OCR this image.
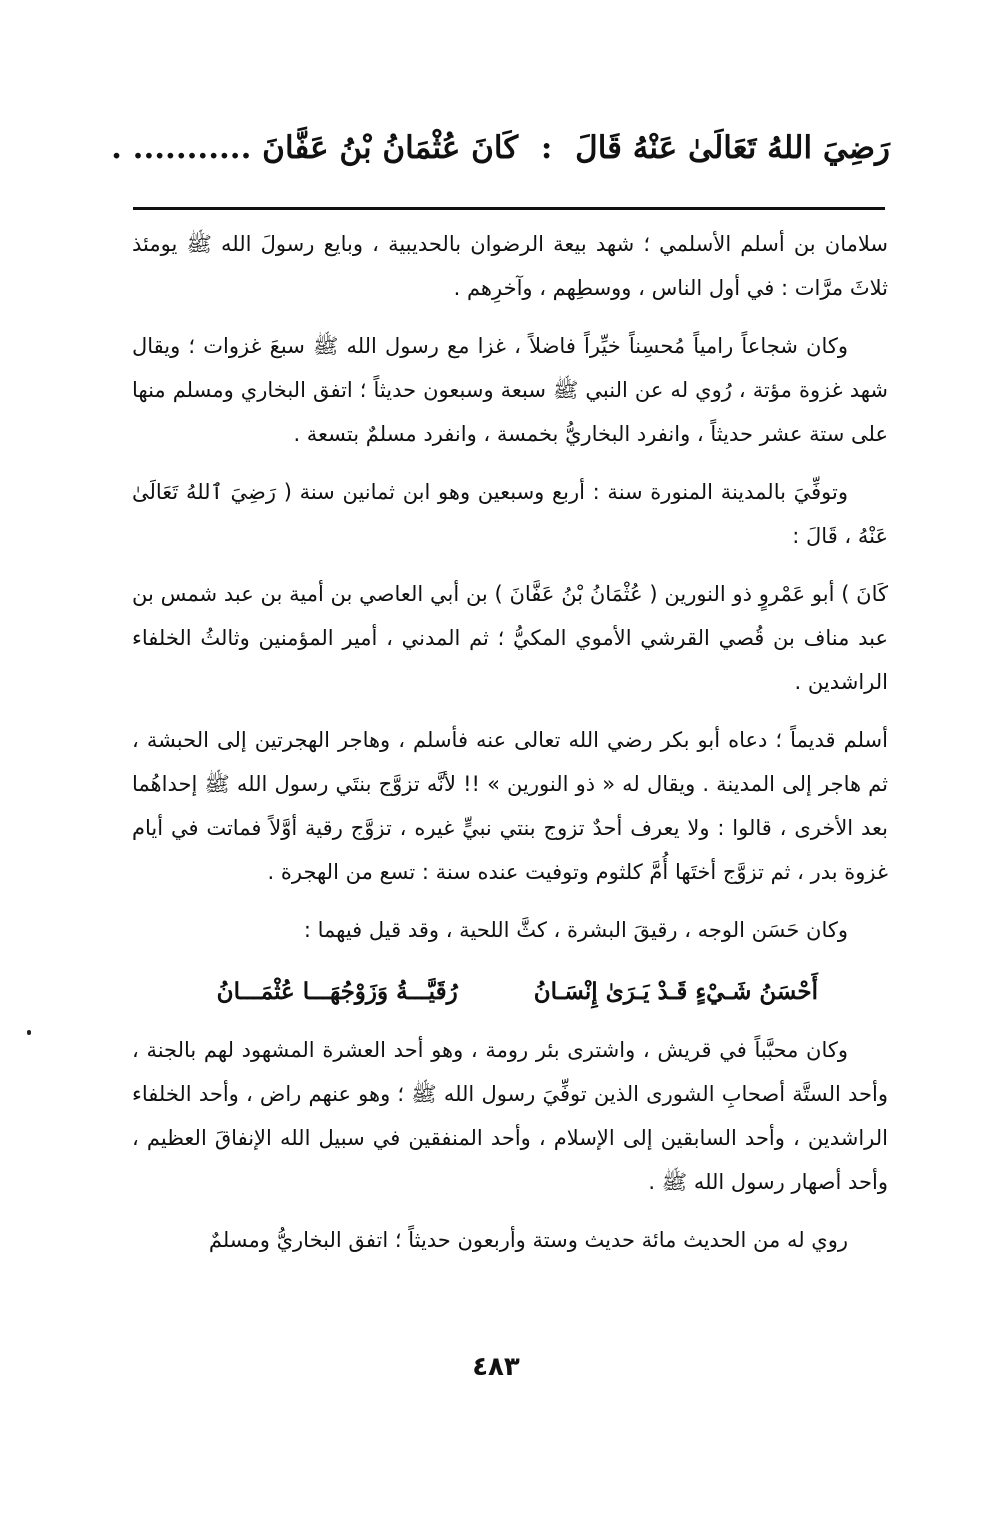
رَضِيَ اللهُ تَعَالَىٰ عَنْهُ قَالَ : كَانَ عُثْمَانُ بْنُ عَفَّانَ ........... .

سلامان بن أسلم الأسلمي ؛ شهد بيعة الرضوان بالحديبية ، وبايع رسولَ الله ﷺ يومئذ ثلاثَ مرَّات : في أول الناس ، ووسطِهم ، وآخرِهم .

وكان شجاعاً رامياً مُحسِناً خيِّراً فاضلاً ، غزا مع رسول الله ﷺ سبعَ غزوات ؛ ويقال شهد غزوة مؤتة ، رُوي له عن النبي ﷺ سبعة وسبعون حديثاً ؛ اتفق البخاري ومسلم منها على ستة عشر حديثاً ، وانفرد البخاريُّ بخمسة ، وانفرد مسلمٌ بتسعة .

وتوفِّيَ بالمدينة المنورة سنة : أربع وسبعين وهو ابن ثمانين سنة ( رَضِيَ ٱللهُ تَعَالَىٰ عَنْهُ ، قَالَ :

كَانَ ) أبو عَمْروٍ ذو النورين ( عُثْمَانُ بْنُ عَفَّانَ ) بن أبي العاصي بن أمية بن عبد شمس بن عبد مناف بن قُصي القرشي الأموي المكيُّ ؛ ثم المدني ، أمير المؤمنين وثالثُ الخلفاء الراشدين .

أسلم قديماً ؛ دعاه أبو بكر رضي الله تعالى عنه فأسلم ، وهاجر الهجرتين إلى الحبشة ، ثم هاجر إلى المدينة . ويقال له « ذو النورين » !! لأنَّه تزوَّج بنتَي رسول الله ﷺ إحداهُما بعد الأخرى ، قالوا : ولا يعرف أحدٌ تزوج بنتي نبيٍّ غيره ، تزوَّج رقية أوَّلاً فماتت في أيام غزوة بدر ، ثم تزوَّج أختَها أُمَّ كلثوم وتوفيت عنده سنة : تسع من الهجرة .

وكان حَسَن الوجه ، رقيقَ البشرة ، كثَّ اللحية ، وقد قيل فيهما :

أَحْسَنُ شَـيْءٍ قَـدْ يَـرَىٰ إِنْسَـانُ  رُقَيَّـــةُ وَزَوْجُهَـــا عُثْمَـــانُ

وكان محبَّباً في قريش ، واشترى بئر رومة ، وهو أحد العشرة المشهود لهم بالجنة ، وأحد الستَّة أصحابِ الشورى الذين توفِّيَ رسول الله ﷺ ؛ وهو عنهم راض ، وأحد الخلفاء الراشدين ، وأحد السابقين إلى الإسلام ، وأحد المنفقين في سبيل الله الإنفاقَ العظيم ، وأحد أصهار رسول الله ﷺ .

روي له من الحديث مائة حديث وستة وأربعون حديثاً ؛ اتفق البخاريُّ ومسلمٌ

٤٨٣
